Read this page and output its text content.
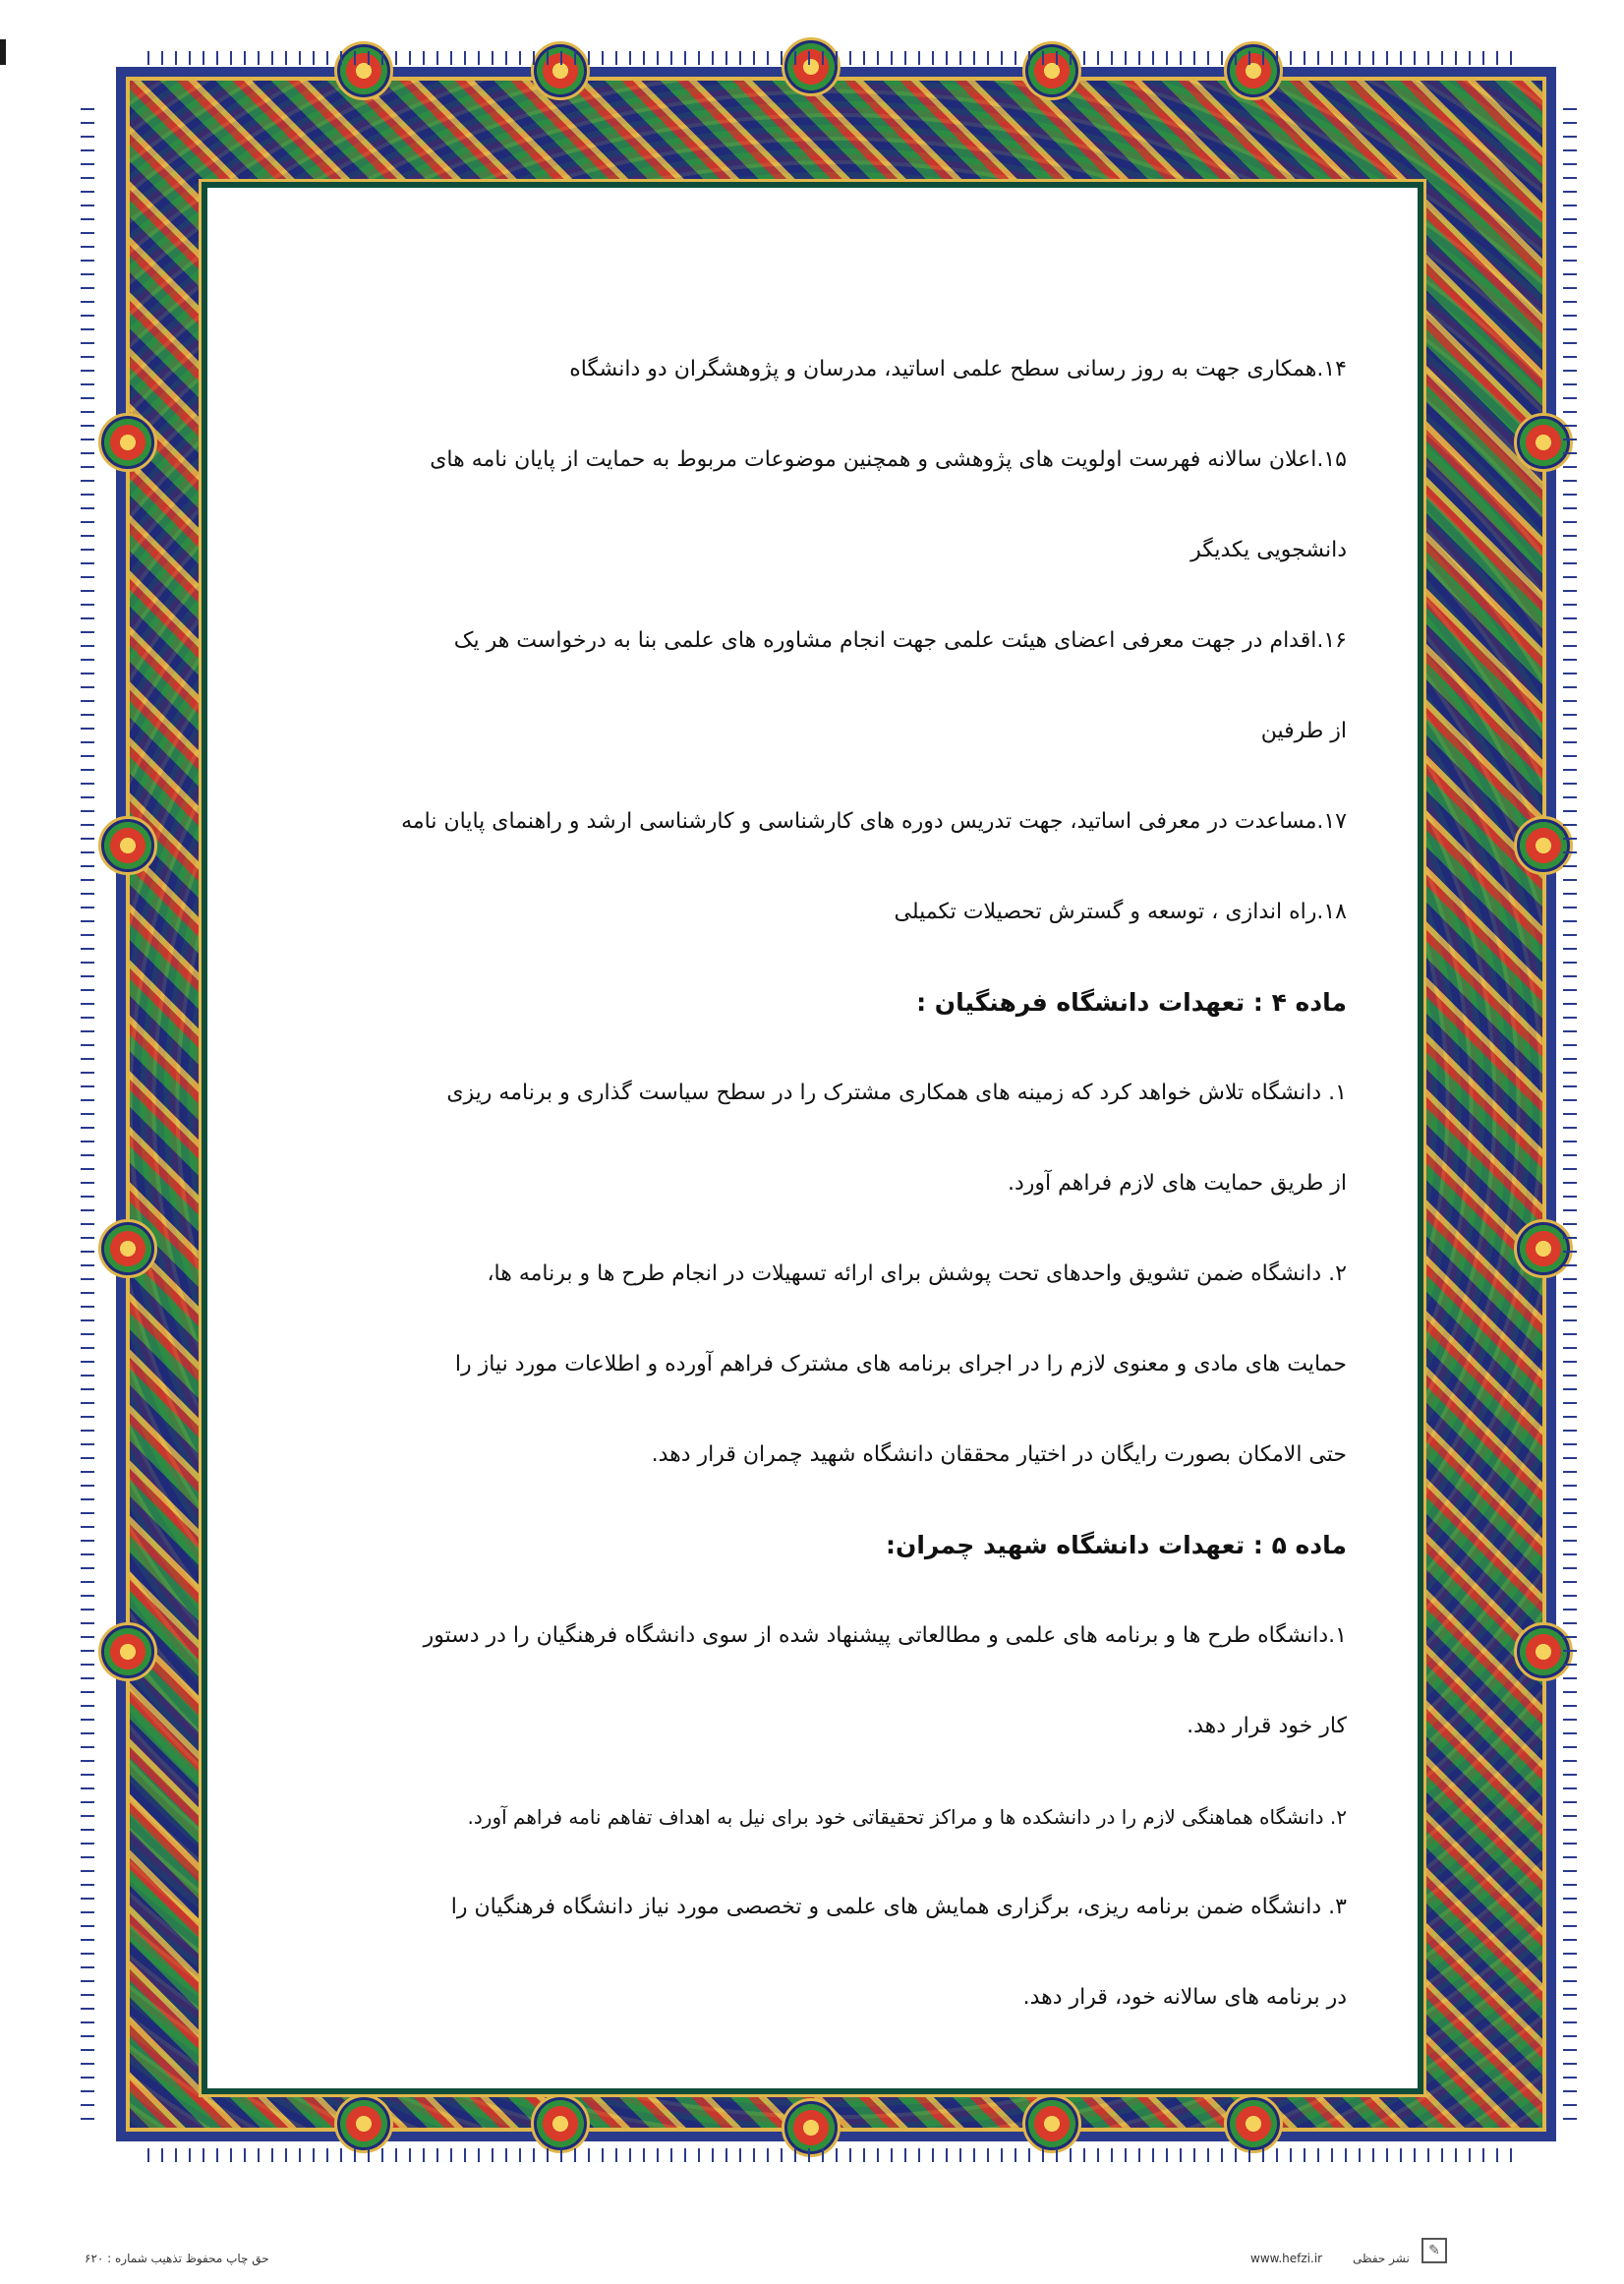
۱۴.همکاری جهت به روز رسانی سطح علمی اساتید، مدرسان و پژوهشگران دو دانشگاه

۱۵.اعلان سالانه فهرست اولویت های پژوهشی و همچنین موضوعات مربوط به حمایت از پایان نامه های
دانشجویی یکدیگر

۱۶.اقدام در جهت معرفی اعضای هیئت علمی جهت انجام مشاوره های علمی بنا به درخواست هر یک
از طرفین

۱۷.مساعدت در معرفی اساتید، جهت تدریس دوره های کارشناسی و کارشناسی ارشد و راهنمای پایان نامه

۱۸.راه اندازی ، توسعه و گسترش تحصیلات تکمیلی

ماده ۴ : تعهدات دانشگاه فرهنگیان :

۱. دانشگاه تلاش خواهد کرد که زمینه های همکاری مشترک را در سطح سیاست گذاری و برنامه ریزی
از طریق حمایت های لازم فراهم آورد.

۲. دانشگاه ضمن تشویق واحدهای تحت پوشش برای ارائه تسهیلات در انجام طرح ها و برنامه ها،
حمایت های مادی و معنوی لازم را در اجرای برنامه های مشترک فراهم آورده و اطلاعات مورد نیاز را
حتی الامکان بصورت رایگان در اختیار محققان دانشگاه شهید چمران قرار دهد.

ماده ۵ : تعهدات دانشگاه شهید چمران:

۱.دانشگاه طرح ها و برنامه های علمی و مطالعاتی پیشنهاد شده از سوی دانشگاه فرهنگیان را در دستور
کار خود قرار دهد.

۲. دانشگاه هماهنگی لازم را در دانشکده ها و مراکز تحقیقاتی خود برای نیل به اهداف تفاهم نامه فراهم آورد.

۳. دانشگاه ضمن برنامه ریزی، برگزاری همایش های علمی و تخصصی مورد نیاز دانشگاه فرهنگیان را
در برنامه های سالانه خود، قرار دهد.

حق چاپ محفوظ تذهیب شماره : ۶۲۰	www.hefzi.ir	نشر حفظی	✎
